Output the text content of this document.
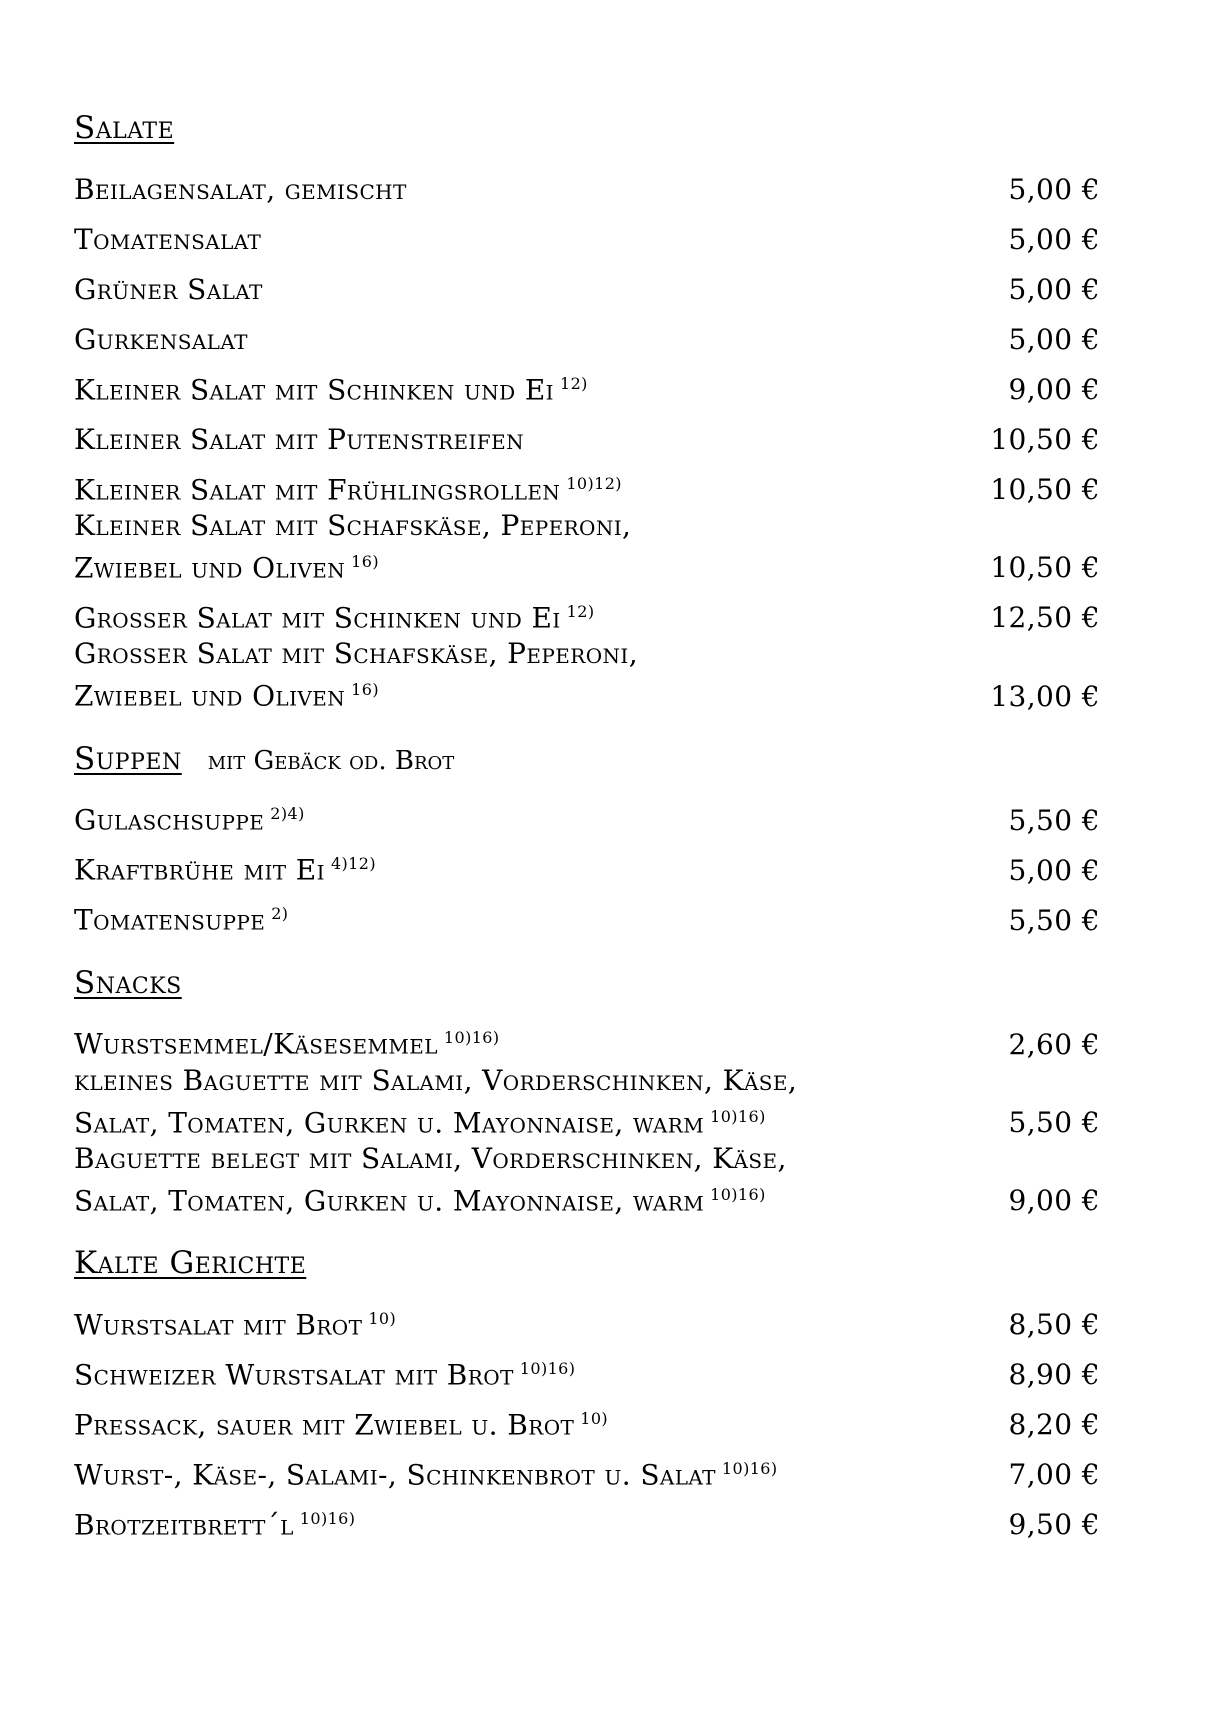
Salate
Beilagensalat, gemischt	5,00 €
Tomatensalat	5,00 €
Grüner Salat	5,00 €
Gurkensalat	5,00 €
Kleiner Salat mit Schinken und Ei $^{12)}$	9,00 €
Kleiner Salat mit Putenstreifen	10,50 €
Kleiner Salat mit Frühlingsrollen $^{10)12)}$	10,50 €
Kleiner Salat mit Schafskäse, Peperoni,
Zwiebel und Oliven $^{16)}$	10,50 €
Grosser Salat mit Schinken und Ei $^{12)}$	12,50 €
Grosser Salat mit Schafskäse, Peperoni,
Zwiebel und Oliven $^{16)}$	13,00 €
Suppen mit Gebäck od. Brot
Gulaschsuppe $^{2)4)}$	5,50 €
Kraftbrühe mit Ei $^{4)12)}$	5,00 €
Tomatensuppe $^{2)}$	5,50 €
Snacks
Wurstsemmel/Käsesemmel $^{10)16)}$	2,60 €
kleines Baguette mit Salami, Vorderschinken, Käse,
Salat, Tomaten, Gurken u. Mayonnaise, warm $^{10)16)}$	5,50 €
Baguette belegt mit Salami, Vorderschinken, Käse,
Salat, Tomaten, Gurken u. Mayonnaise, warm $^{10)16)}$	9,00 €
Kalte Gerichte
Wurstsalat mit Brot $^{10)}$	8,50 €
Schweizer Wurstsalat mit Brot $^{10)16)}$	8,90 €
Pressack, sauer mit Zwiebel u. Brot $^{10)}$	8,20 €
Wurst-, Käse-, Salami-, Schinkenbrot u. Salat $^{10)16)}$	7,00 €
Brotzeitbrett´l $^{10)16)}$	9,50 €
